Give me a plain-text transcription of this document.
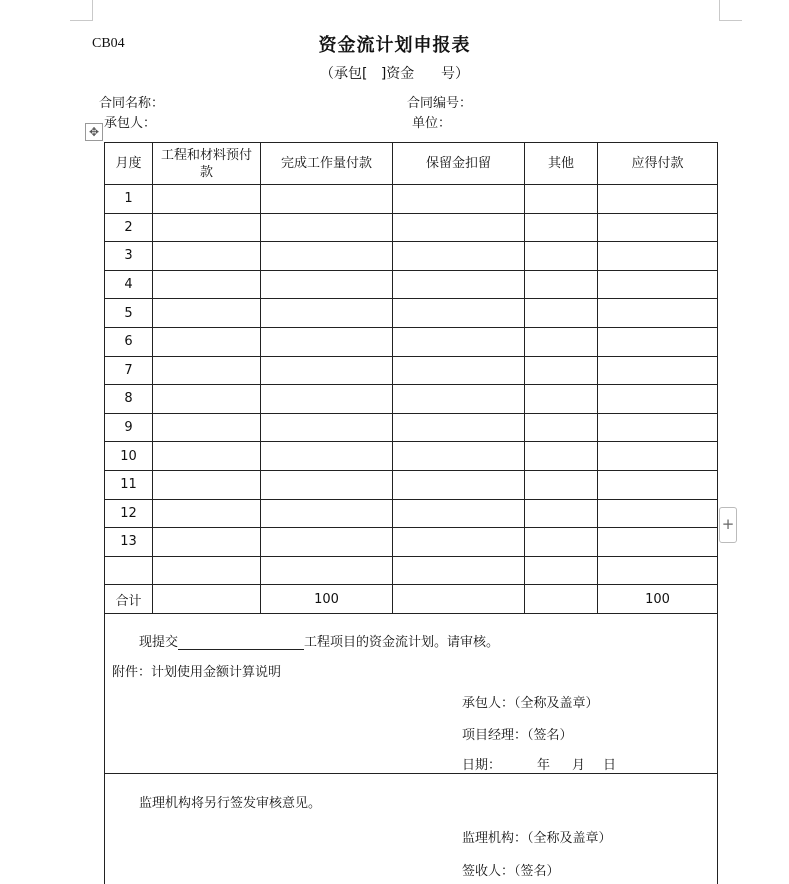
CB04	资金流计划申报表
（承包[ ]资金 号）
合同名称：	合同编号：
承包人：	单位：
✥
月度	工程和材料预付款	完成工作量付款	保留金扣留	其他	应得付款
1					
2					
3					
4					
5					
6					
7					
8					
9					
10					
11					
12					
13					

合计		100			100
+
现提交	工程项目的资金流计划。请审核。
附件：计划使用金额计算说明
承包人：（全称及盖章）
项目经理：（签名）
日期：	年 月 日
监理机构将另行签发审核意见。
监理机构：（全称及盖章）
签收人：（签名）
